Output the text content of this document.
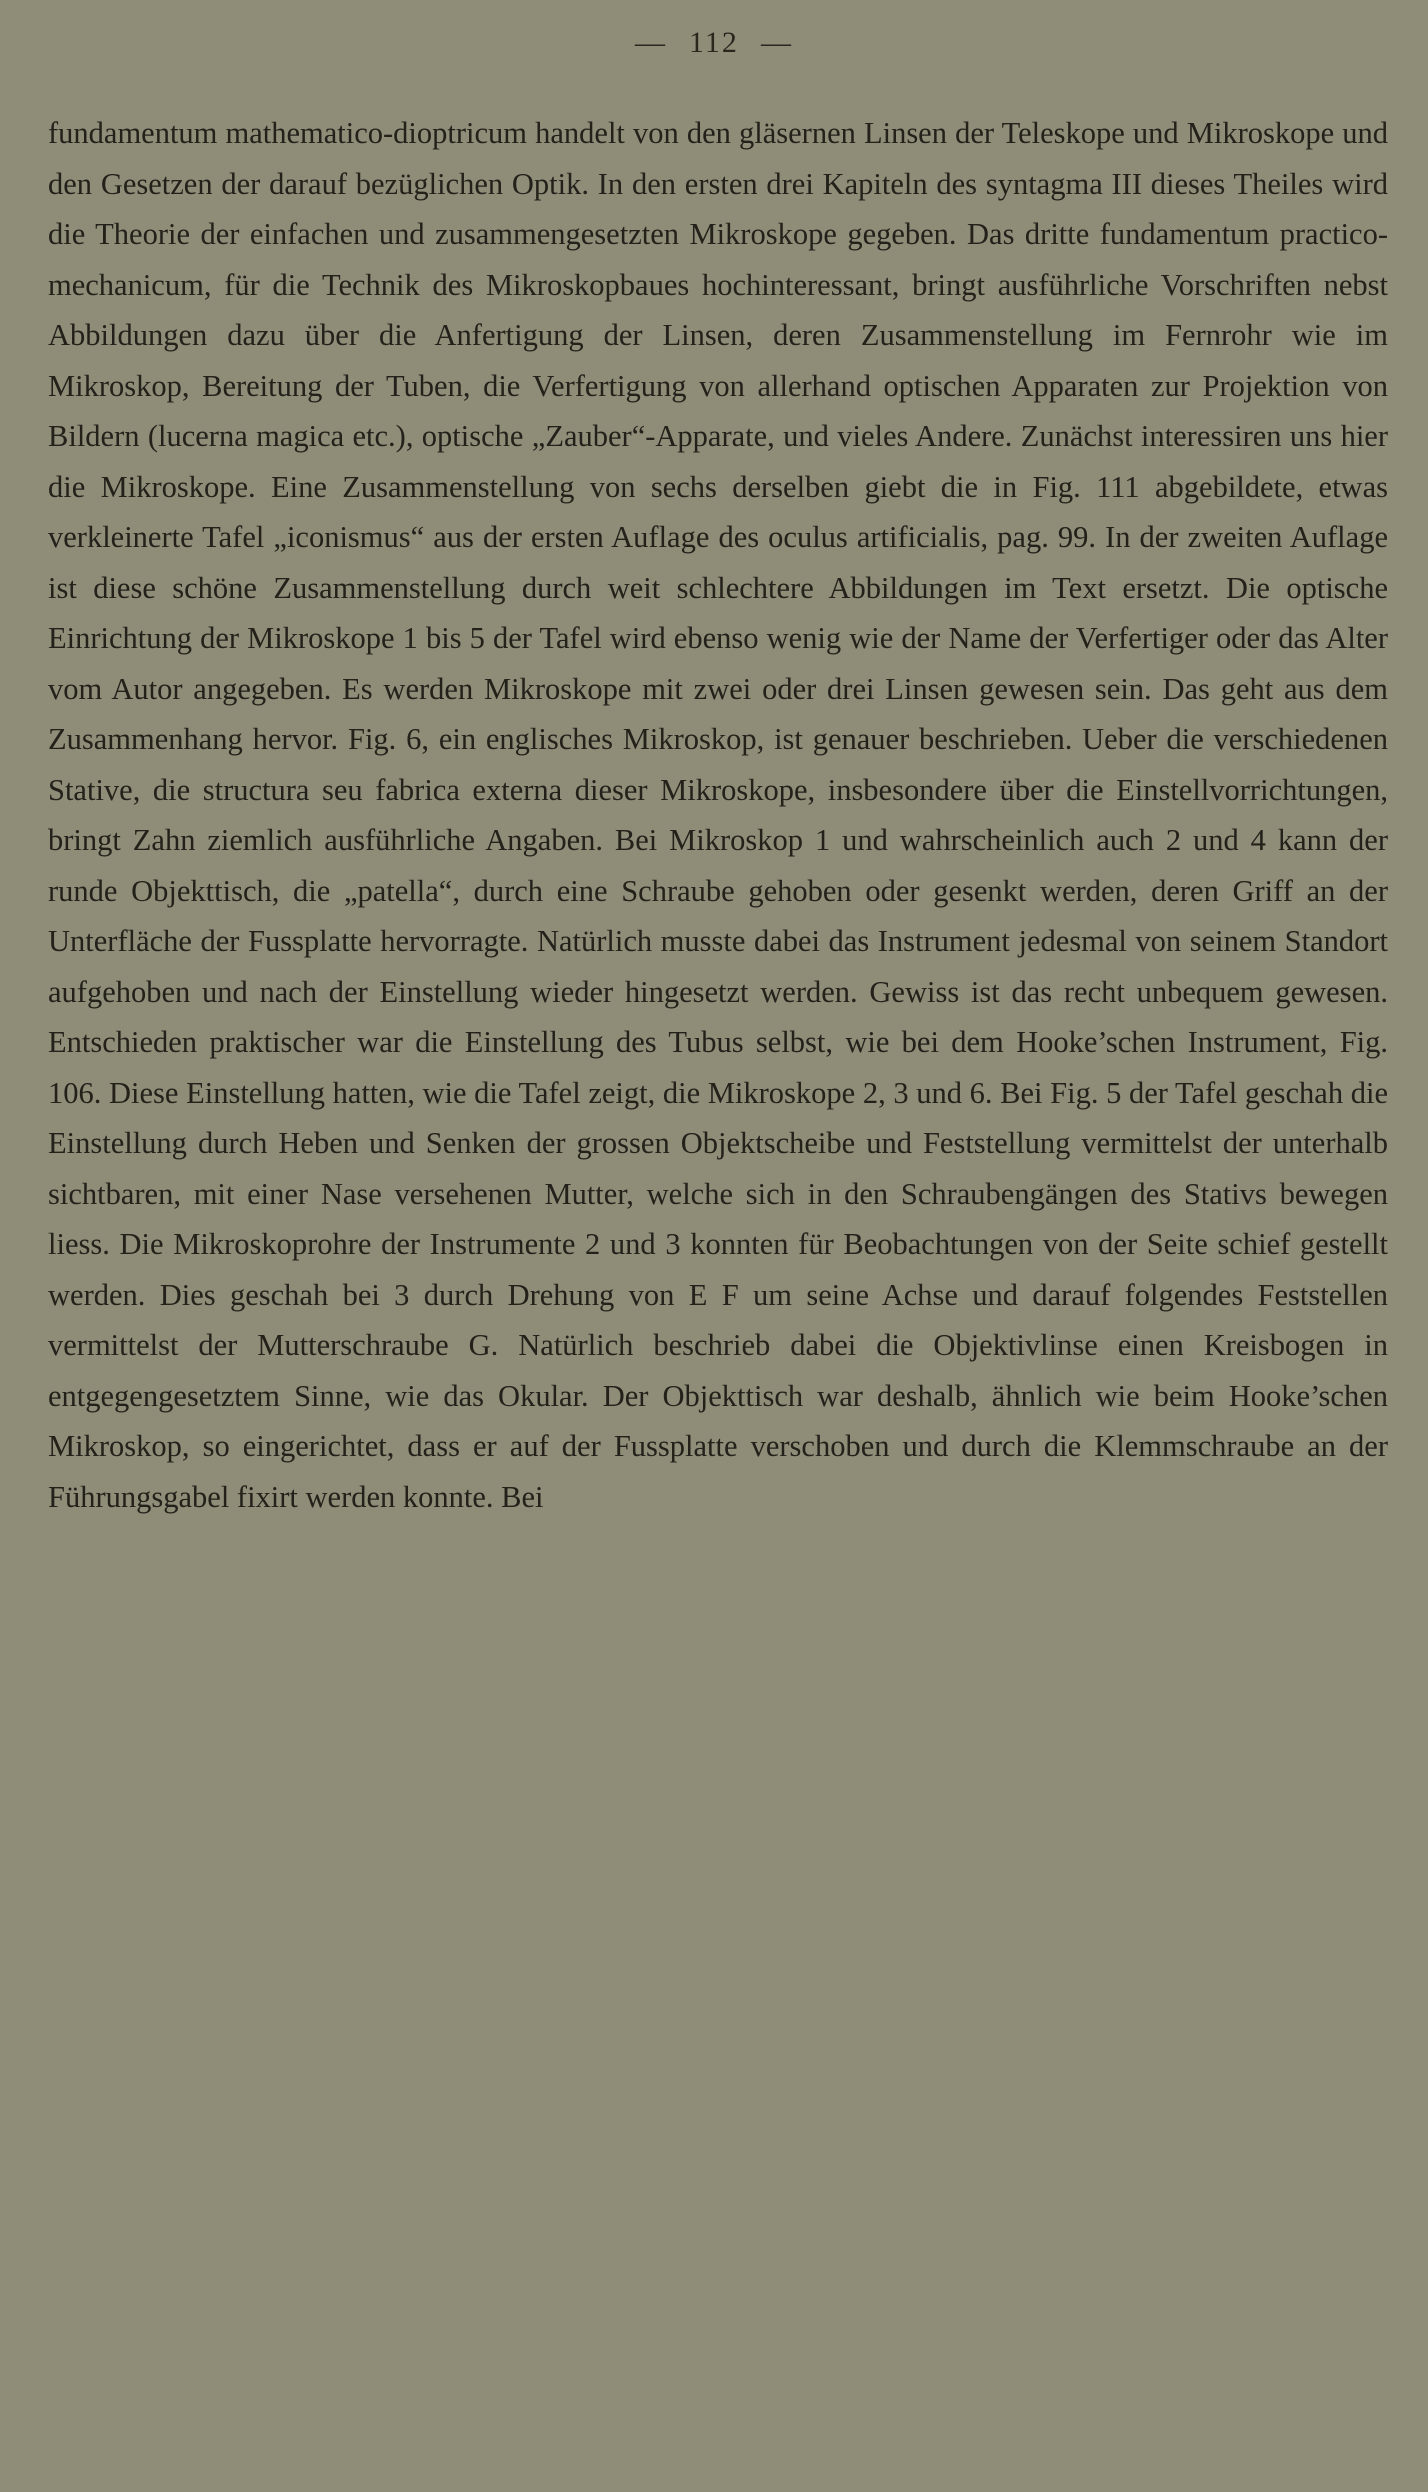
— 112 —

fundamentum mathematico-dioptricum handelt von den gläsernen Linsen der Teleskope und Mikroskope und den Gesetzen der darauf bezüglichen Optik. In den ersten drei Kapiteln des syntagma III dieses Theiles wird die Theorie der einfachen und zusammengesetzten Mikroskope gegeben. Das dritte fundamentum practico-mechanicum, für die Technik des Mikroskopbaues hochinteressant, bringt ausführliche Vorschriften nebst Abbildungen dazu über die Anfertigung der Linsen, deren Zusammenstellung im Fernrohr wie im Mikroskop, Bereitung der Tuben, die Verfertigung von allerhand optischen Apparaten zur Projektion von Bildern (lucerna magica etc.), optische „Zauber“-Apparate, und vieles Andere. Zunächst interessiren uns hier die Mikroskope. Eine Zusammenstellung von sechs derselben giebt die in Fig. 111 abgebildete, etwas verkleinerte Tafel „iconismus“ aus der ersten Auflage des oculus artificialis, pag. 99. In der zweiten Auflage ist diese schöne Zusammenstellung durch weit schlechtere Abbildungen im Text ersetzt. Die optische Einrichtung der Mikroskope 1 bis 5 der Tafel wird ebenso wenig wie der Name der Verfertiger oder das Alter vom Autor angegeben. Es werden Mikroskope mit zwei oder drei Linsen gewesen sein. Das geht aus dem Zusammenhang hervor. Fig. 6, ein englisches Mikroskop, ist genauer beschrieben. Ueber die verschiedenen Stative, die structura seu fabrica externa dieser Mikroskope, insbesondere über die Einstellvorrichtungen, bringt Zahn ziemlich ausführliche Angaben. Bei Mikroskop 1 und wahrscheinlich auch 2 und 4 kann der runde Objekttisch, die „patella“, durch eine Schraube gehoben oder gesenkt werden, deren Griff an der Unterfläche der Fussplatte hervorragte. Natürlich musste dabei das Instrument jedesmal von seinem Standort aufgehoben und nach der Einstellung wieder hingesetzt werden. Gewiss ist das recht unbequem gewesen. Entschieden praktischer war die Einstellung des Tubus selbst, wie bei dem Hooke’schen Instrument, Fig. 106. Diese Einstellung hatten, wie die Tafel zeigt, die Mikroskope 2, 3 und 6. Bei Fig. 5 der Tafel geschah die Einstellung durch Heben und Senken der grossen Objektscheibe und Feststellung vermittelst der unterhalb sichtbaren, mit einer Nase versehenen Mutter, welche sich in den Schraubengängen des Stativs bewegen liess. Die Mikroskoprohre der Instrumente 2 und 3 konnten für Beobachtungen von der Seite schief gestellt werden. Dies geschah bei 3 durch Drehung von E F um seine Achse und darauf folgendes Feststellen vermittelst der Mutterschraube G. Natürlich beschrieb dabei die Objektivlinse einen Kreisbogen in entgegengesetztem Sinne, wie das Okular. Der Objekttisch war deshalb, ähnlich wie beim Hooke’schen Mikroskop, so eingerichtet, dass er auf der Fussplatte verschoben und durch die Klemmschraube an der Führungsgabel fixirt werden konnte. Bei
